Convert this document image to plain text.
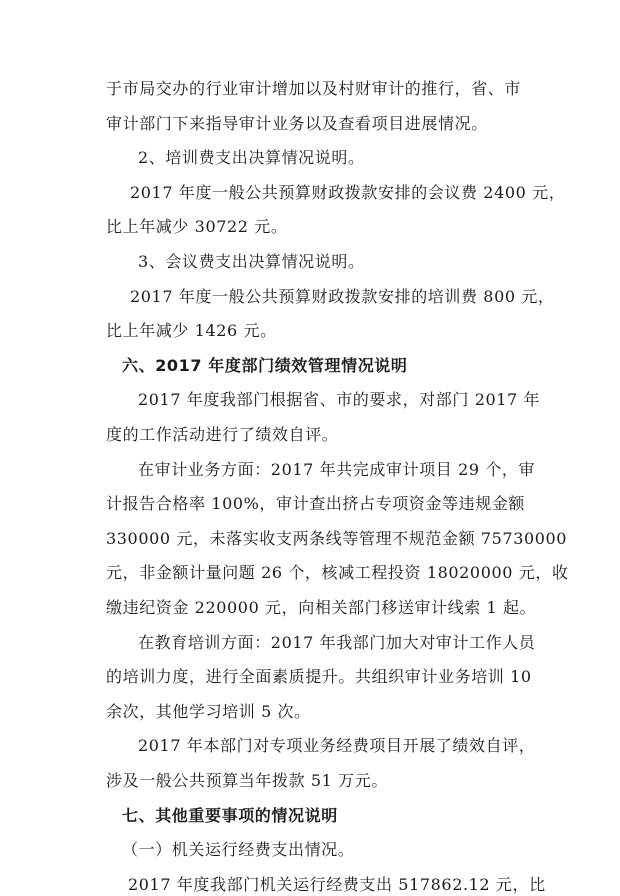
于市局交办的行业审计增加以及村财审计的推行，省、市
审计部门下来指导审计业务以及查看项目进展情况。
2、培训费支出决算情况说明。
2017 年度一般公共预算财政拨款安排的会议费 2400 元，
比上年减少 30722 元。
3、会议费支出决算情况说明。
2017 年度一般公共预算财政拨款安排的培训费 800 元，
比上年减少 1426 元。
六、2017 年度部门绩效管理情况说明
2017 年度我部门根据省、市的要求，对部门 2017 年
度的工作活动进行了绩效自评。
在审计业务方面：2017 年共完成审计项目 29 个，审
计报告合格率 100%，审计查出挤占专项资金等违规金额
330000 元，未落实收支两条线等管理不规范金额 75730000
元，非金额计量问题 26 个，核减工程投资 18020000 元，收
缴违纪资金 220000 元，向相关部门移送审计线索 1 起。
在教育培训方面：2017 年我部门加大对审计工作人员
的培训力度，进行全面素质提升。共组织审计业务培训 10
余次，其他学习培训 5 次。
2017 年本部门对专项业务经费项目开展了绩效自评，
涉及一般公共预算当年拨款 51 万元。
七、其他重要事项的情况说明
（一）机关运行经费支出情况。
2017 年度我部门机关运行经费支出 517862.12 元，比
